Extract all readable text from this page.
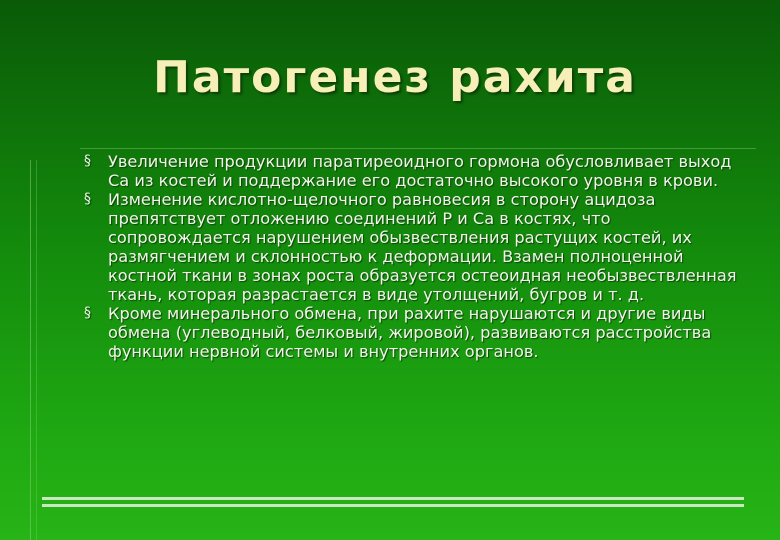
Патогенез рахита
§ Увеличение продукции паратиреоидного гормона обусловливает выход Са из костей и поддержание его достаточно высокого уровня в крови.
§ Изменение кислотно-щелочного равновесия в сторону ацидоза препятствует отложению соединений Р и Са в костях, что сопровождается нарушением обызвествления растущих костей, их размягчением и склонностью к деформации. Взамен полноценной костной ткани в зонах роста образуется остеоидная необызвествленная ткань, которая разрастается в виде утолщений, бугров и т. д.
§ Кроме минерального обмена, при рахите нарушаются и другие виды обмена (углеводный, белковый, жировой), развиваются расстройства функции нервной системы и внутренних органов.
